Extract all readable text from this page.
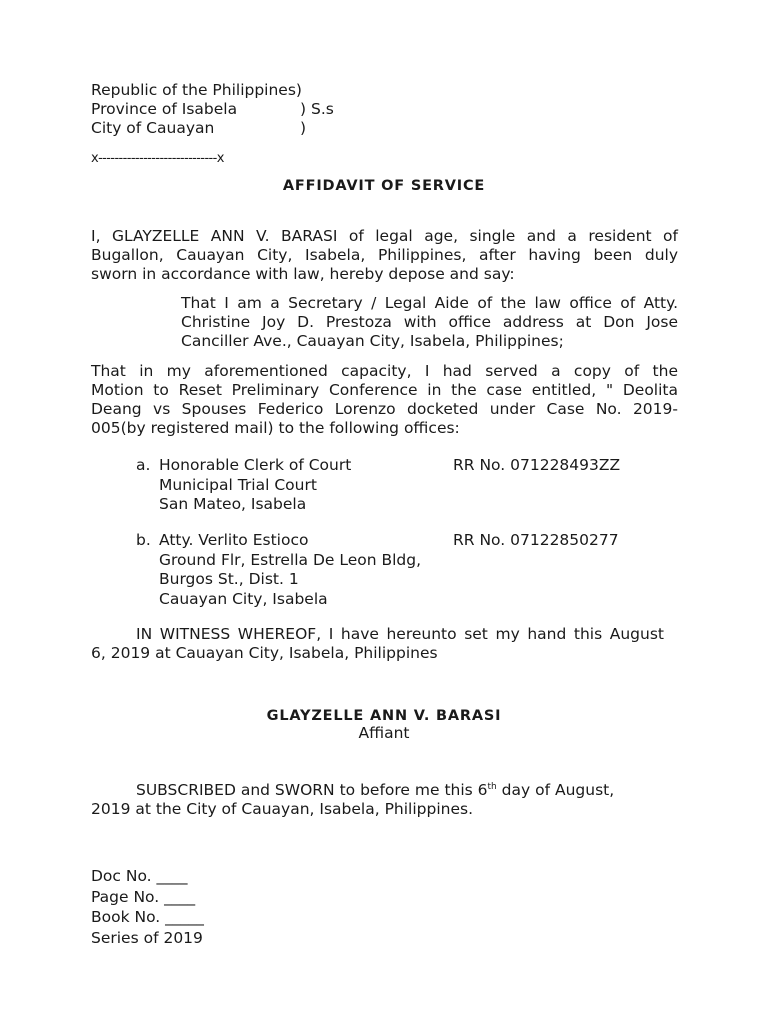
Republic of the Philippines)
Province of Isabela	) S.s
City of Cauayan	)
x-----------------------------x
AFFIDAVIT OF SERVICE
I, GLAYZELLE ANN V. BARASI of legal age, single and a resident of
Bugallon, Cauayan City, Isabela, Philippines, after having been duly
sworn in accordance with law, hereby depose and say:
That I am a Secretary / Legal Aide of the law office of Atty.
Christine Joy D. Prestoza with office address at Don Jose
Canciller Ave., Cauayan City, Isabela, Philippines;
That in my aforementioned capacity, I had served a copy of the
Motion to Reset Preliminary Conference in the case entitled, " Deolita
Deang vs Spouses Federico Lorenzo docketed under Case No. 2019-
005(by registered mail) to the following offices:
a. Honorable Clerk of Court
Municipal Trial Court
San Mateo, Isabela
RR No. 071228493ZZ
b. Atty. Verlito Estioco
Ground Flr, Estrella De Leon Bldg,
Burgos St., Dist. 1
Cauayan City, Isabela
RR No. 07122850277
IN WITNESS WHEREOF, I have hereunto set my hand this August
6, 2019 at Cauayan City, Isabela, Philippines
GLAYZELLE ANN V. BARASI
Affiant
SUBSCRIBED and SWORN to before me this 6th day of August,
2019 at the City of Cauayan, Isabela, Philippines.
Doc No. ____
Page No. ____
Book No. _____
Series of 2019
